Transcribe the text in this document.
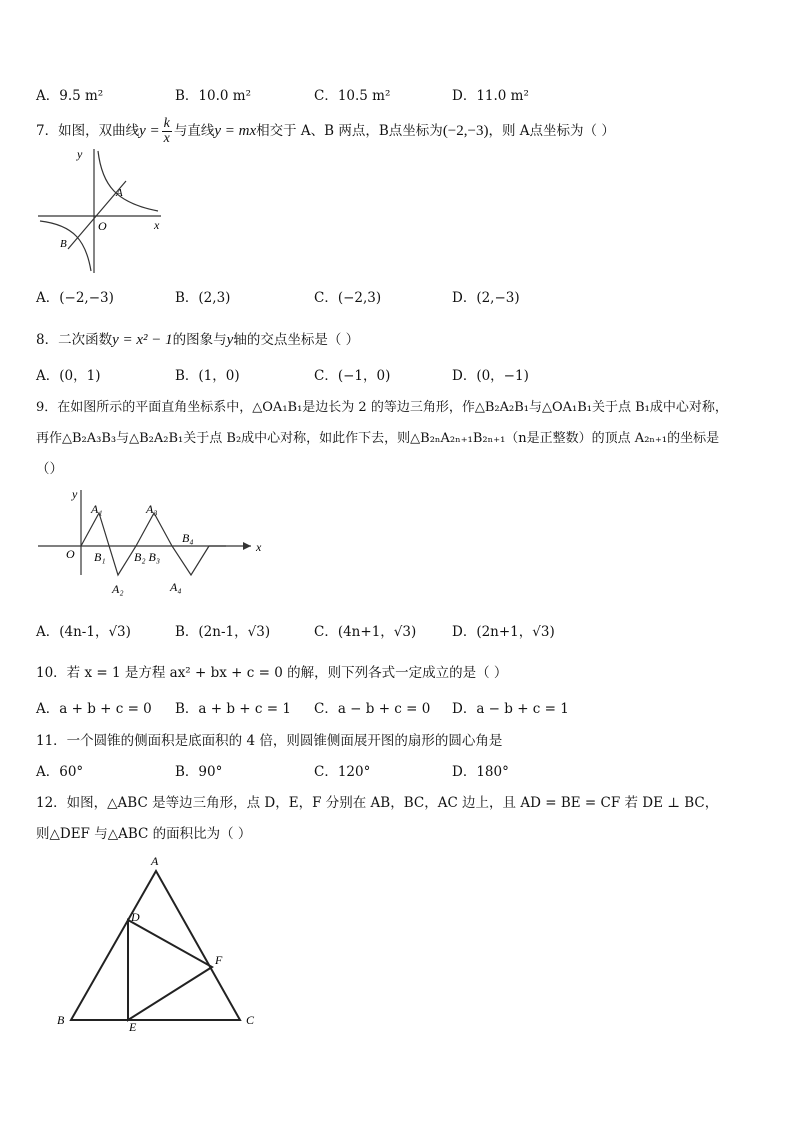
A．9.5 m²	B．10.0 m²	C．10.5 m²	D．11.0 m²
7．如图，双曲线$y = \frac{k}{x}$ 与直线y = mx相交于 A、B 两点，B点坐标为(−2,−3)，则 A点坐标为（ ）
y
x
O
A
B
A．(−2,−3)	B．(2,3)	C．(−2,3)	D．(2,−3)
8．二次函数y = x² − 1的图象与y轴的交点坐标是（ ）
A．(0，1)	B．(1，0)	C．(−1，0)	D．(0，−1)
9．在如图所示的平面直角坐标系中，△OA₁B₁是边长为 2 的等边三角形，作△B₂A₂B₁与△OA₁B₁关于点 B₁成中心对称，
再作△B₂A₃B₃与△B₂A₂B₁关于点 B₂成中心对称，如此作下去，则△B₂ₙA₂ₙ₊₁B₂ₙ₊₁（n是正整数）的顶点 A₂ₙ₊₁的坐标是
（）
y
x
O
A₁
A₂
A₃
A₄
B₁ B₂ B₃
B₄
A．(4n-1，√3)	B．(2n-1，√3)	C．(4n+1，√3)	D．(2n+1，√3)
10．若 x = 1 是方程 ax² + bx + c = 0 的解，则下列各式一定成立的是（ ）
A．a + b + c = 0 B．a + b + c = 1 C．a − b + c = 0 D．a − b + c = 1
11．一个圆锥的侧面积是底面积的 4 倍，则圆锥侧面展开图的扇形的圆心角是
A．60°	B．90°	C．120°	D．180°
12．如图，△ABC 是等边三角形，点 D，E，F 分别在 AB，BC，AC 边上，且 AD = BE = CF 若 DE ⊥ BC，
则△DEF 与△ABC 的面积比为（ ）
A
B	C
D
E
F
